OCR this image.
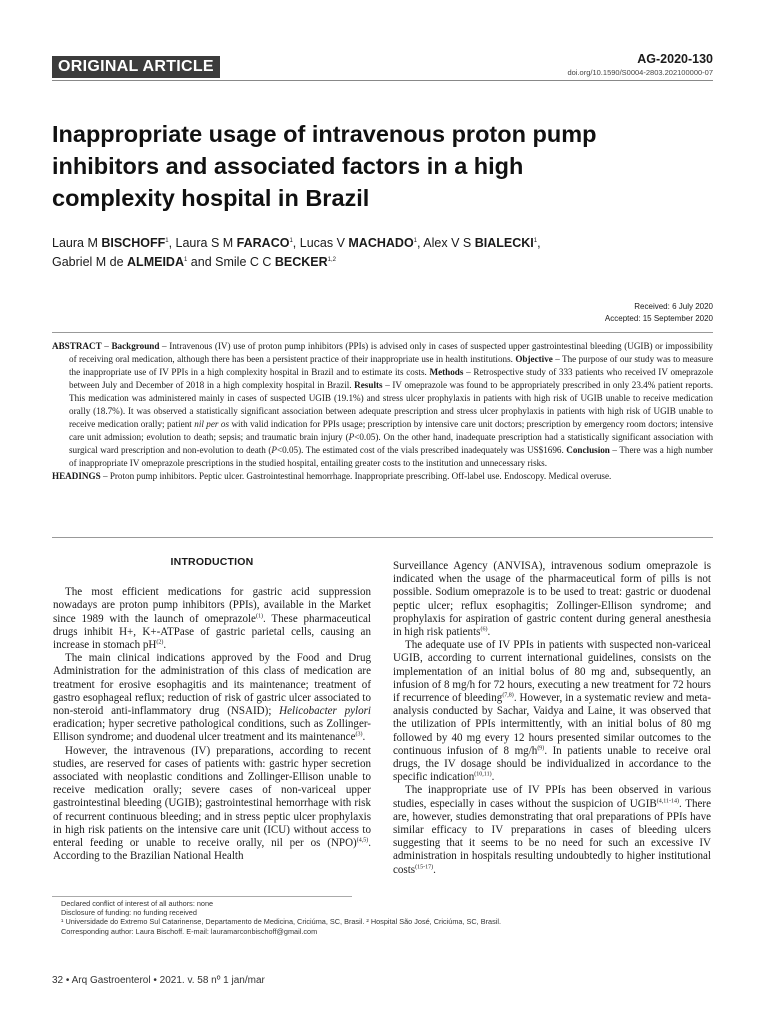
ORIGINAL ARTICLE	AG-2020-130
doi.org/10.1590/S0004-2803.202100000-07
Inappropriate usage of intravenous proton pump inhibitors and associated factors in a high complexity hospital in Brazil
Laura M BISCHOFF$^1$, Laura S M FARACO$^1$, Lucas V MACHADO$^1$, Alex V S BIALECKI$^1$,
Gabriel M de ALMEIDA$^1$ and Smile C C BECKER$^{1,2}$
Received: 6 July 2020
Accepted: 15 September 2020

ABSTRACT – Background – Intravenous (IV) use of proton pump inhibitors (PPIs) is advised only in cases of suspected upper gastrointestinal bleeding (UGIB) or impossibility of receiving oral medication, although there has been a persistent practice of their inappropriate use in health institutions. Objective – The purpose of our study was to measure the inappropriate use of IV PPIs in a high complexity hospital in Brazil and to estimate its costs. Methods – Retrospective study of 333 patients who received IV omeprazole between July and December of 2018 in a high complexity hospital in Brazil. Results – IV omeprazole was found to be appropriately prescribed in only 23.4% patient reports. This medication was administered mainly in cases of suspected UGIB (19.1%) and stress ulcer prophylaxis in patients with high risk of UGIB unable to receive medication orally (18.7%). It was observed a statistically significant association between adequate prescription and stress ulcer prophylaxis in patients with high risk of UGIB unable to receive medication orally; patient nil per os with valid indication for PPIs usage; prescription by intensive care unit doctors; prescription by emergency room doctors; intensive care unit admission; evolution to death; sepsis; and traumatic brain injury (P<0.05). On the other hand, inadequate prescription had a statistically significant association with surgical ward prescription and non-evolution to death (P<0.05). The estimated cost of the vials prescribed inadequately was US$1696. Conclusion – There was a high number of inappropriate IV omeprazole prescriptions in the studied hospital, entailing greater costs to the institution and unnecessary risks.

HEADINGS – Proton pump inhibitors. Peptic ulcer. Gastrointestinal hemorrhage. Inappropriate prescribing. Off-label use. Endoscopy. Medical overuse.

INTRODUCTION

The most efficient medications for gastric acid suppression nowadays are proton pump inhibitors (PPIs), available in the Market since 1989 with the launch of omeprazole$^{(1)}$. These pharmaceutical drugs inhibit H+, K+-ATPase of gastric parietal cells, causing an increase in stomach $pH^{(2)}$.

The main clinical indications approved by the Food and Drug Administration for the administration of this class of medication are treatment for erosive esophagitis and its maintenance; treatment of gastro esophageal reflux; reduction of risk of gastric ulcer associated to non-steroid anti-inflammatory drug (NSAID); Helicobacter pylori eradication; hyper secretive pathological conditions, such as Zollinger-Ellison syndrome; and duodenal ulcer treatment and its maintenance$^{(3)}$.

However, the intravenous (IV) preparations, according to recent studies, are reserved for cases of patients with: gastric hyper secretion associated with neoplastic conditions and Zollinger-Ellison unable to receive medication orally; severe cases of non-variceal upper gastrointestinal bleeding (UGIB); gastrointestinal hemorrhage with risk of recurrent continuous bleeding; and in stress peptic ulcer prophylaxis in high risk patients on the intensive care unit (ICU) without access to enteral feeding or unable to receive orally, nil per os (NPO)$^{(4,5)}$. According to the Brazilian National Health

Surveillance Agency (ANVISA), intravenous sodium omeprazole is indicated when the usage of the pharmaceutical form of pills is not possible. Sodium omeprazole is to be used to treat: gastric or duodenal peptic ulcer; reflux esophagitis; Zollinger-Ellison syndrome; and prophylaxis for aspiration of gastric content during general anesthesia in high risk patients$^{(6)}$.

The adequate use of IV PPIs in patients with suspected non-variceal UGIB, according to current international guidelines, consists on the implementation of an initial bolus of 80 mg and, subsequently, an infusion of 8 mg/h for 72 hours, executing a new treatment for 72 hours if recurrence of bleeding$^{(7,8)}$. However, in a systematic review and meta-analysis conducted by Sachar, Vaidya and Laine, it was observed that the utilization of PPIs intermittently, with an initial bolus of 80 mg followed by 40 mg every 12 hours presented similar outcomes to the continuous infusion of 8 $mg/h^{(9)}$. In patients unable to receive oral drugs, the IV dosage should be individualized in accordance to the specific indication$^{(10,11)}$.

The inappropriate use of IV PPIs has been observed in various studies, especially in cases without the suspicion of UGIB$^{(4,11-14)}$. There are, however, studies demonstrating that oral preparations of PPIs have similar efficacy to IV preparations in cases of bleeding ulcers suggesting that it seems to be no need for such an excessive IV administration in hospitals resulting undoubtedly to higher institutional costs$^{(15-17)}$.

Declared conflict of interest of all authors: none
Disclosure of funding: no funding received
¹ Universidade do Extremo Sul Catarinense, Departamento de Medicina, Criciúma, SC, Brasil. ² Hospital São José, Criciúma, SC, Brasil.
Corresponding author: Laura Bischoff. E-mail: lauramarconbischoff@gmail.com
32 • Arq Gastroenterol • 2021. v. 58 nº 1 jan/mar
